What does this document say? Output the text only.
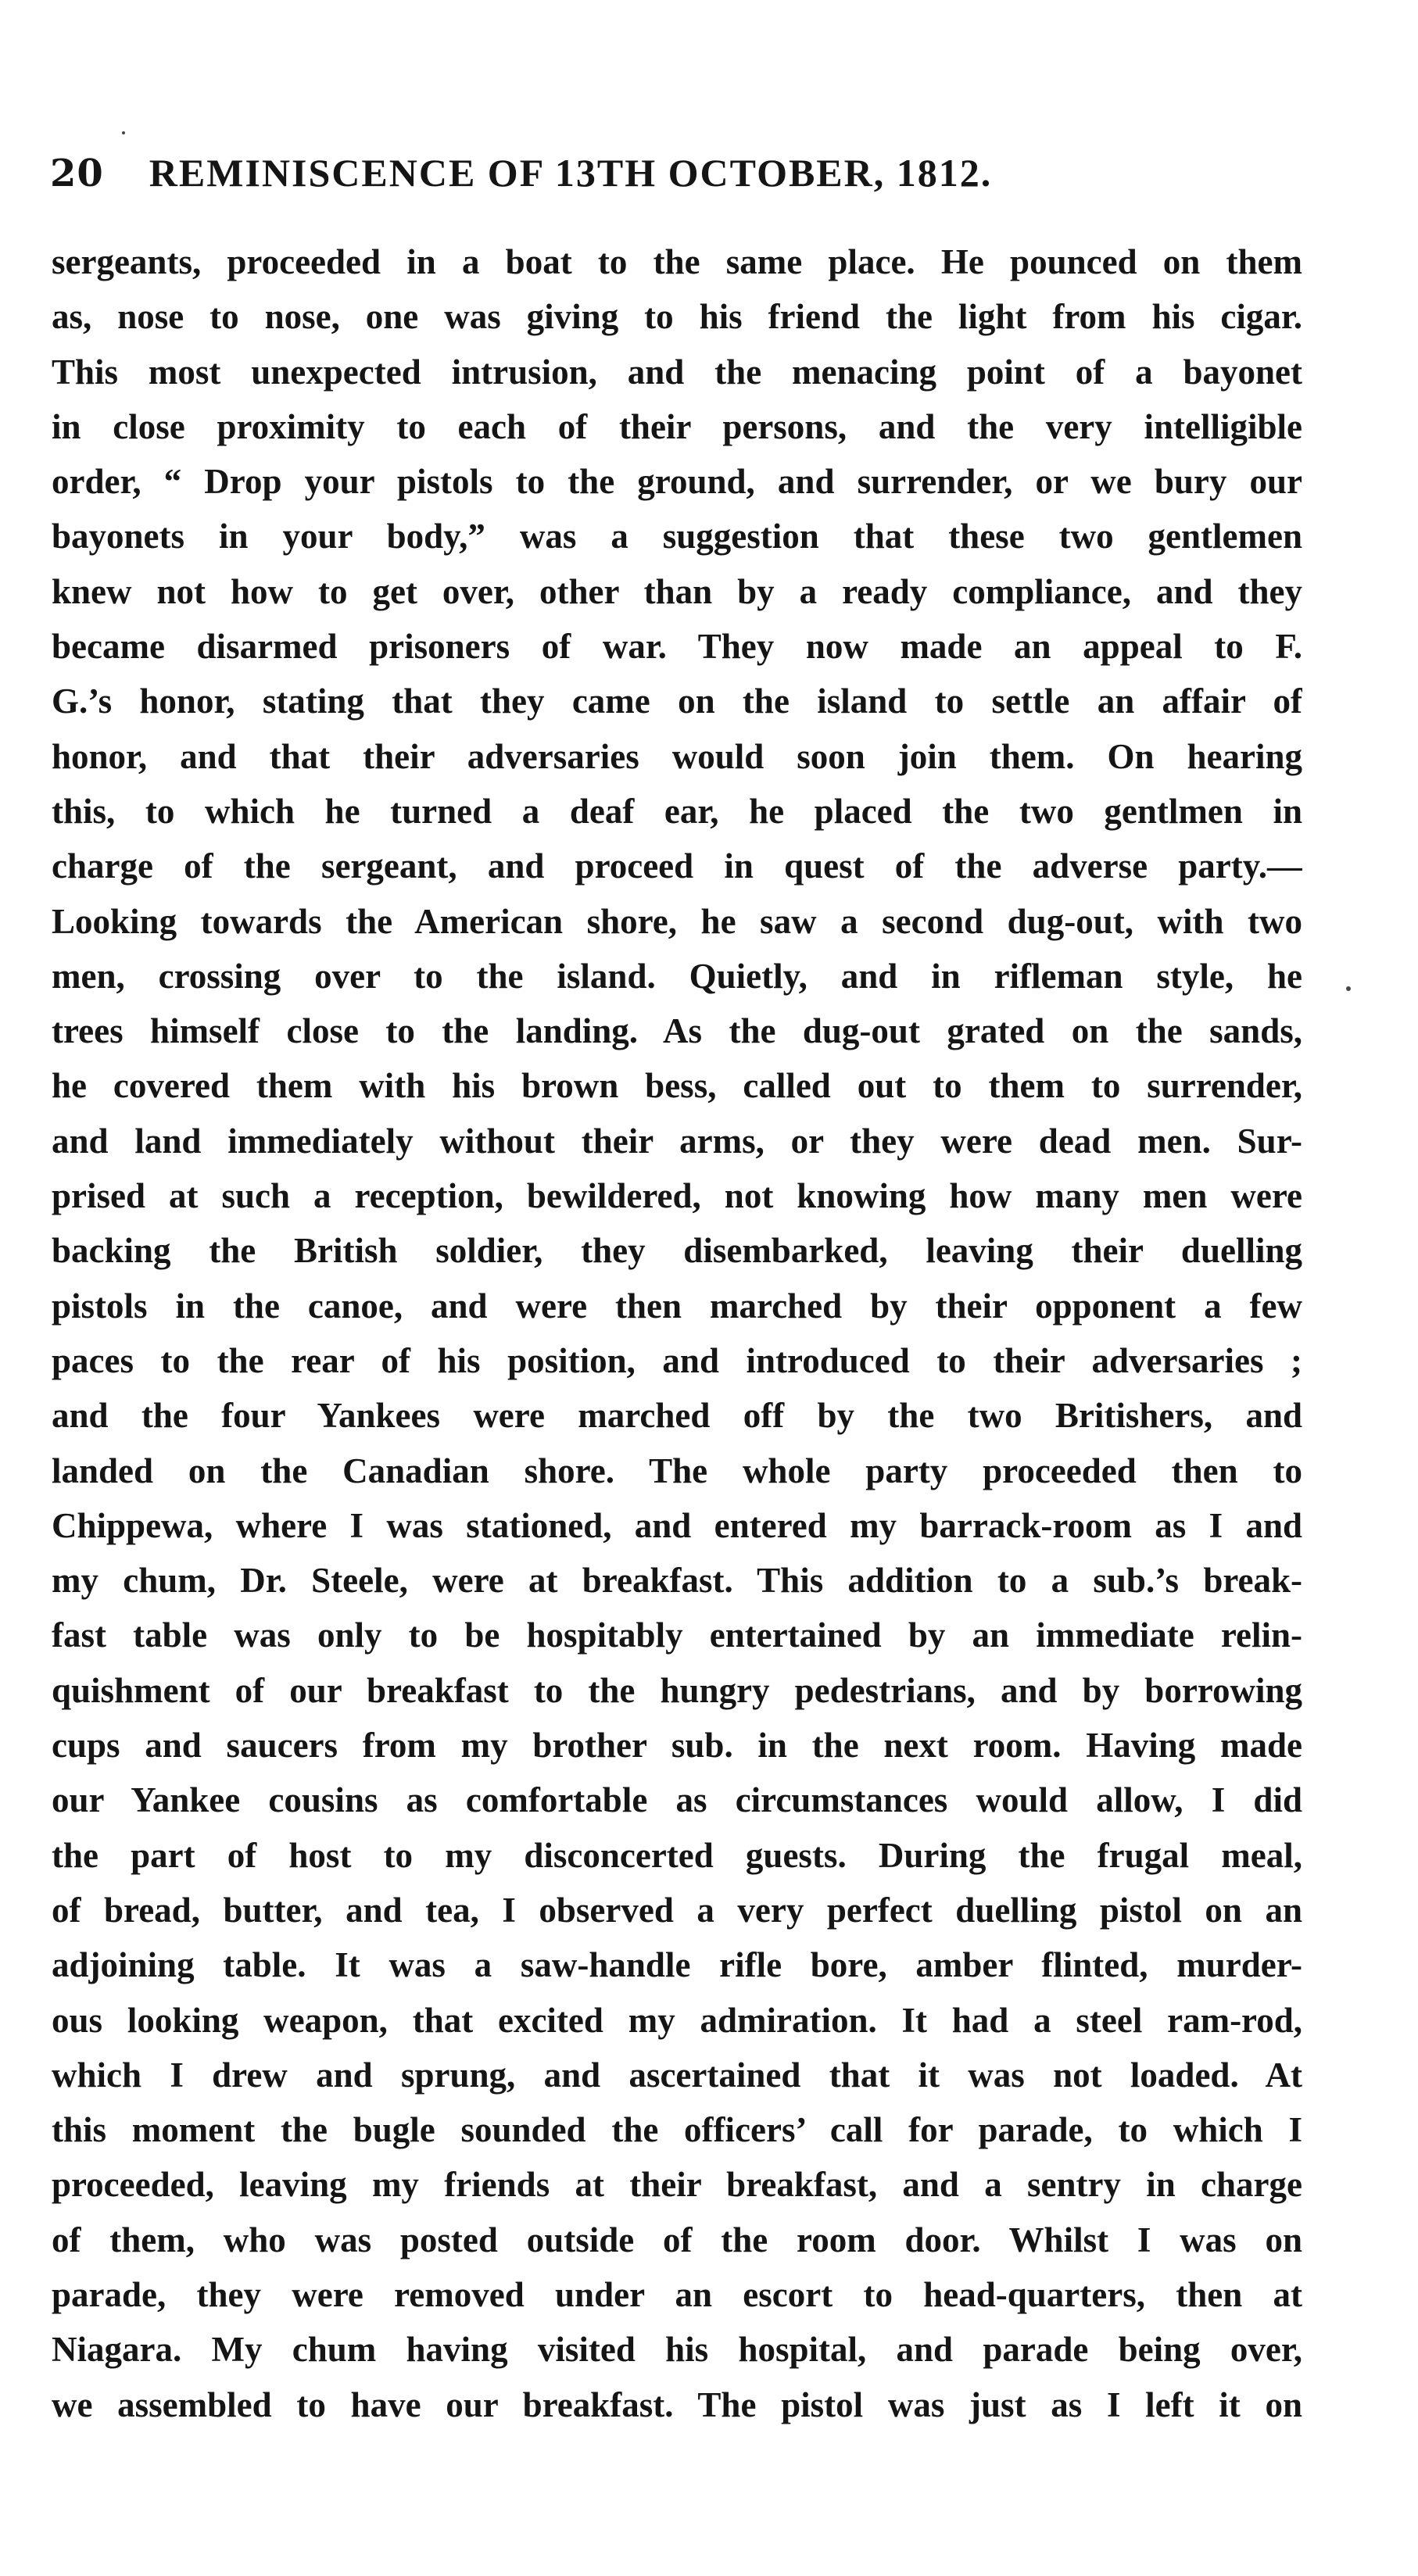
20 REMINISCENCE OF 13TH OCTOBER, 1812.
sergeants, proceeded in a boat to the same place. He pounced on them
as, nose to nose, one was giving to his friend the light from his cigar.
This most unexpected intrusion, and the menacing point of a bayonet
in close proximity to each of their persons, and the very intelligible
order, “ Drop your pistols to the ground, and surrender, or we bury our
bayonets in your body,” was a suggestion that these two gentlemen
knew not how to get over, other than by a ready compliance, and they
became disarmed prisoners of war. They now made an appeal to F.
G.’s honor, stating that they came on the island to settle an affair of
honor, and that their adversaries would soon join them. On hearing
this, to which he turned a deaf ear, he placed the two gentlmen in
charge of the sergeant, and proceed in quest of the adverse party.—
Looking towards the American shore, he saw a second dug-out, with two
men, crossing over to the island. Quietly, and in rifleman style, he
trees himself close to the landing. As the dug-out grated on the sands,
he covered them with his brown bess, called out to them to surrender,
and land immediately without their arms, or they were dead men. Sur-
prised at such a reception, bewildered, not knowing how many men were
backing the British soldier, they disembarked, leaving their duelling
pistols in the canoe, and were then marched by their opponent a few
paces to the rear of his position, and introduced to their adversaries ;
and the four Yankees were marched off by the two Britishers, and
landed on the Canadian shore. The whole party proceeded then to
Chippewa, where I was stationed, and entered my barrack-room as I and
my chum, Dr. Steele, were at breakfast. This addition to a sub.’s break-
fast table was only to be hospitably entertained by an immediate relin-
quishment of our breakfast to the hungry pedestrians, and by borrowing
cups and saucers from my brother sub. in the next room. Having made
our Yankee cousins as comfortable as circumstances would allow, I did
the part of host to my disconcerted guests. During the frugal meal,
of bread, butter, and tea, I observed a very perfect duelling pistol on an
adjoining table. It was a saw-handle rifle bore, amber flinted, murder-
ous looking weapon, that excited my admiration. It had a steel ram-rod,
which I drew and sprung, and ascertained that it was not loaded. At
this moment the bugle sounded the officers’ call for parade, to which I
proceeded, leaving my friends at their breakfast, and a sentry in charge
of them, who was posted outside of the room door. Whilst I was on
parade, they were removed under an escort to head-quarters, then at
Niagara. My chum having visited his hospital, and parade being over,
we assembled to have our breakfast. The pistol was just as I left it on
